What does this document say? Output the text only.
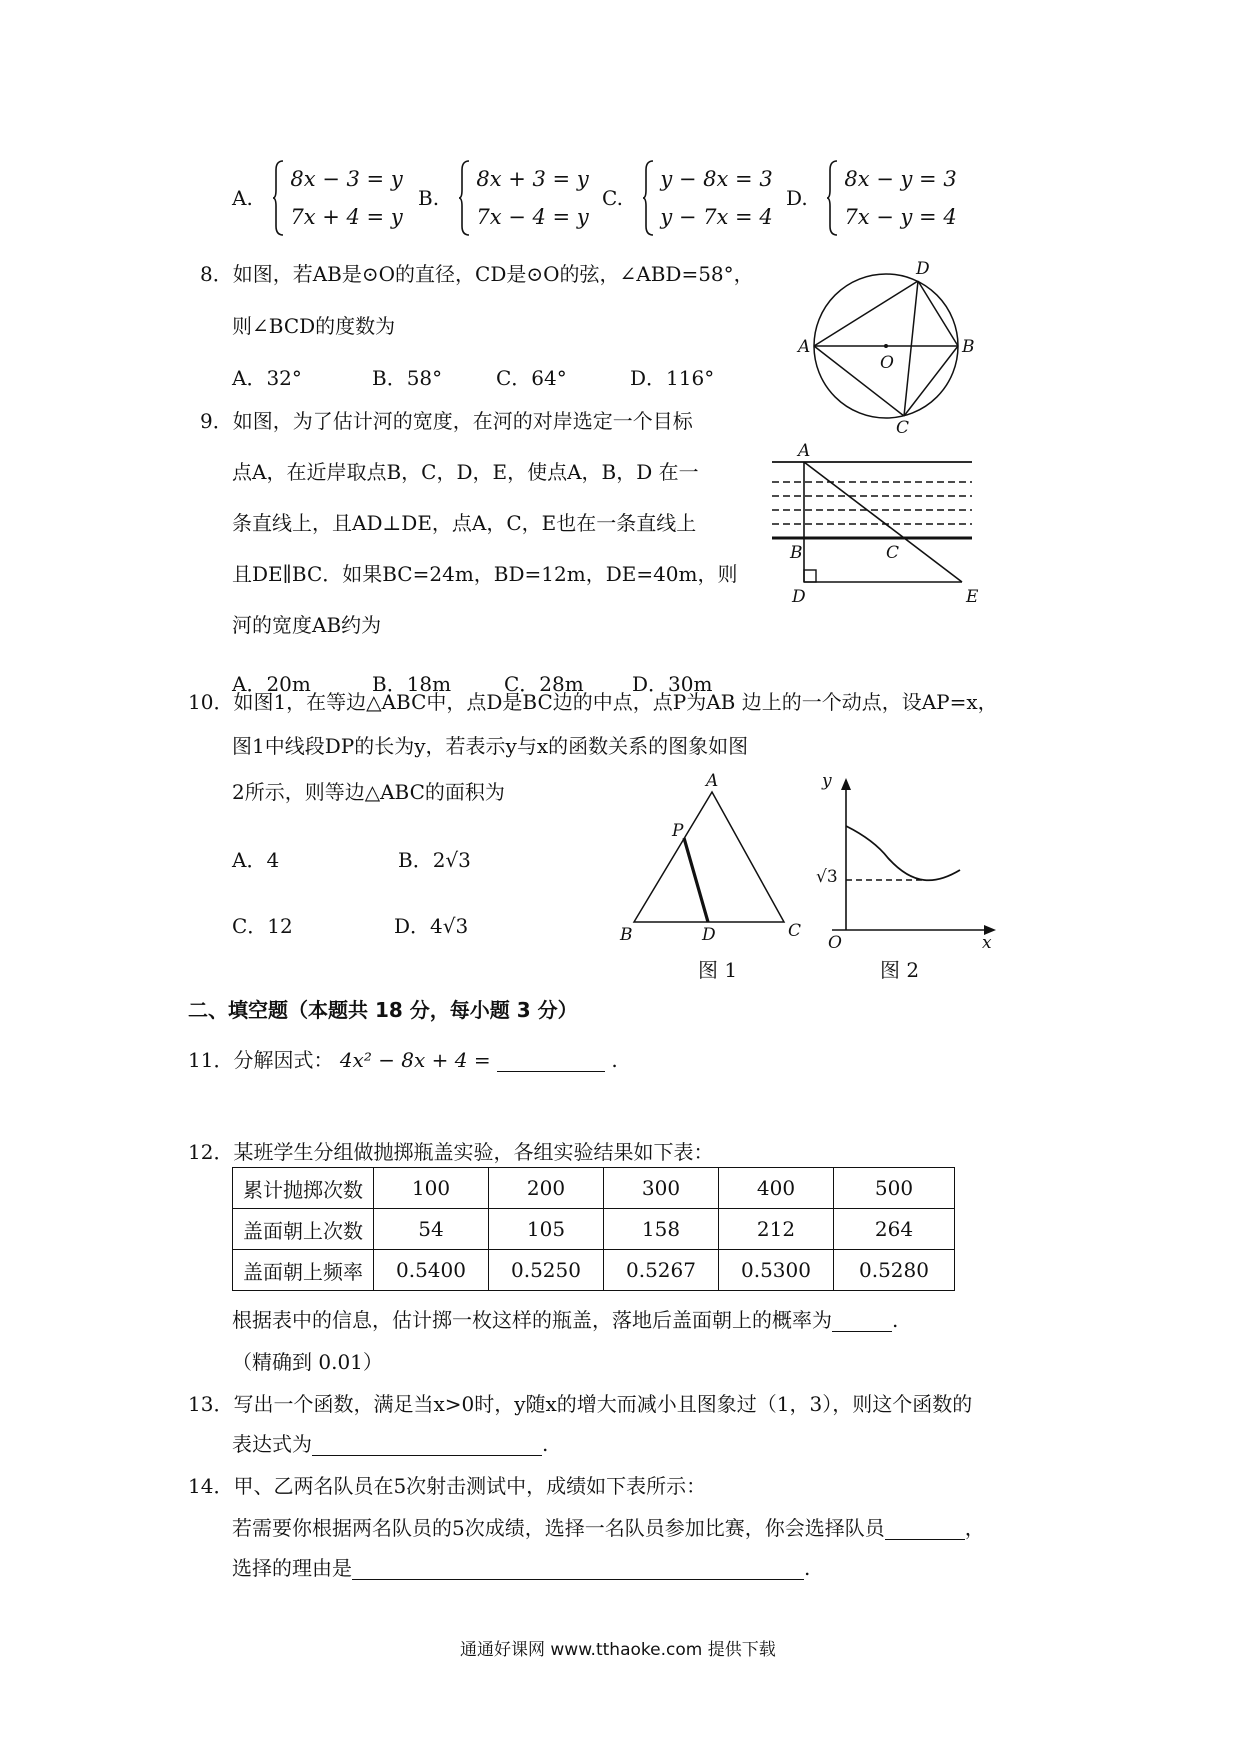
A.
8x − 3 = y
7x + 4 = y
B.
8x + 3 = y
7x − 4 = y
C.
y − 8x = 3
y − 7x = 4
D.
8x − y = 3
7x − y = 4
8．如图，若AB是⊙O的直径，CD是⊙O的弦，∠ABD=58°，
则∠BCD的度数为
A．32°	B．58°	C．64°	D．116°
A	B
C
D
O
9．如图，为了估计河的宽度，在河的对岸选定一个目标
点A，在近岸取点B，C，D，E，使点A，B，D 在一
条直线上，且AD⊥DE，点A，C，E也在一条直线上
且DE∥BC．如果BC=24m，BD=12m，DE=40m，则
河的宽度AB约为
A．20m	B．18m	C．28m D．30m
A
B	C
D	E
10．如图1，在等边△ABC中，点D是BC边的中点，点P为AB 边上的一个动点，设AP=x，
图1中线段DP的长为y，若表示y与x的函数关系的图象如图
2所示，则等边△ABC的面积为
A．4	B．2√3
C．12	D．4√3
A
B	C
D
P
图 1
y
x
O
√3
图 2
二、填空题（本题共 18 分，每小题 3 分）
11．分解因式： 4x² − 8x + 4 =	.
12．某班学生分组做抛掷瓶盖实验，各组实验结果如下表：
累计抛掷次数	100	200	300	400	500
盖面朝上次数	54	105	158	212	264
盖面朝上频率	0.5400	0.5250	0.5267	0.5300	0.5280
根据表中的信息，估计掷一枚这样的瓶盖，落地后盖面朝上的概率为	.
（精确到 0.01）
13．写出一个函数，满足当x>0时，y随x的增大而减小且图象过（1，3），则这个函数的
表达式为	.
14．甲、乙两名队员在5次射击测试中，成绩如下表所示：
若需要你根据两名队员的5次成绩，选择一名队员参加比赛，你会选择队员	，
选择的理由是	.
通通好课网 www.tthaoke.com 提供下载
